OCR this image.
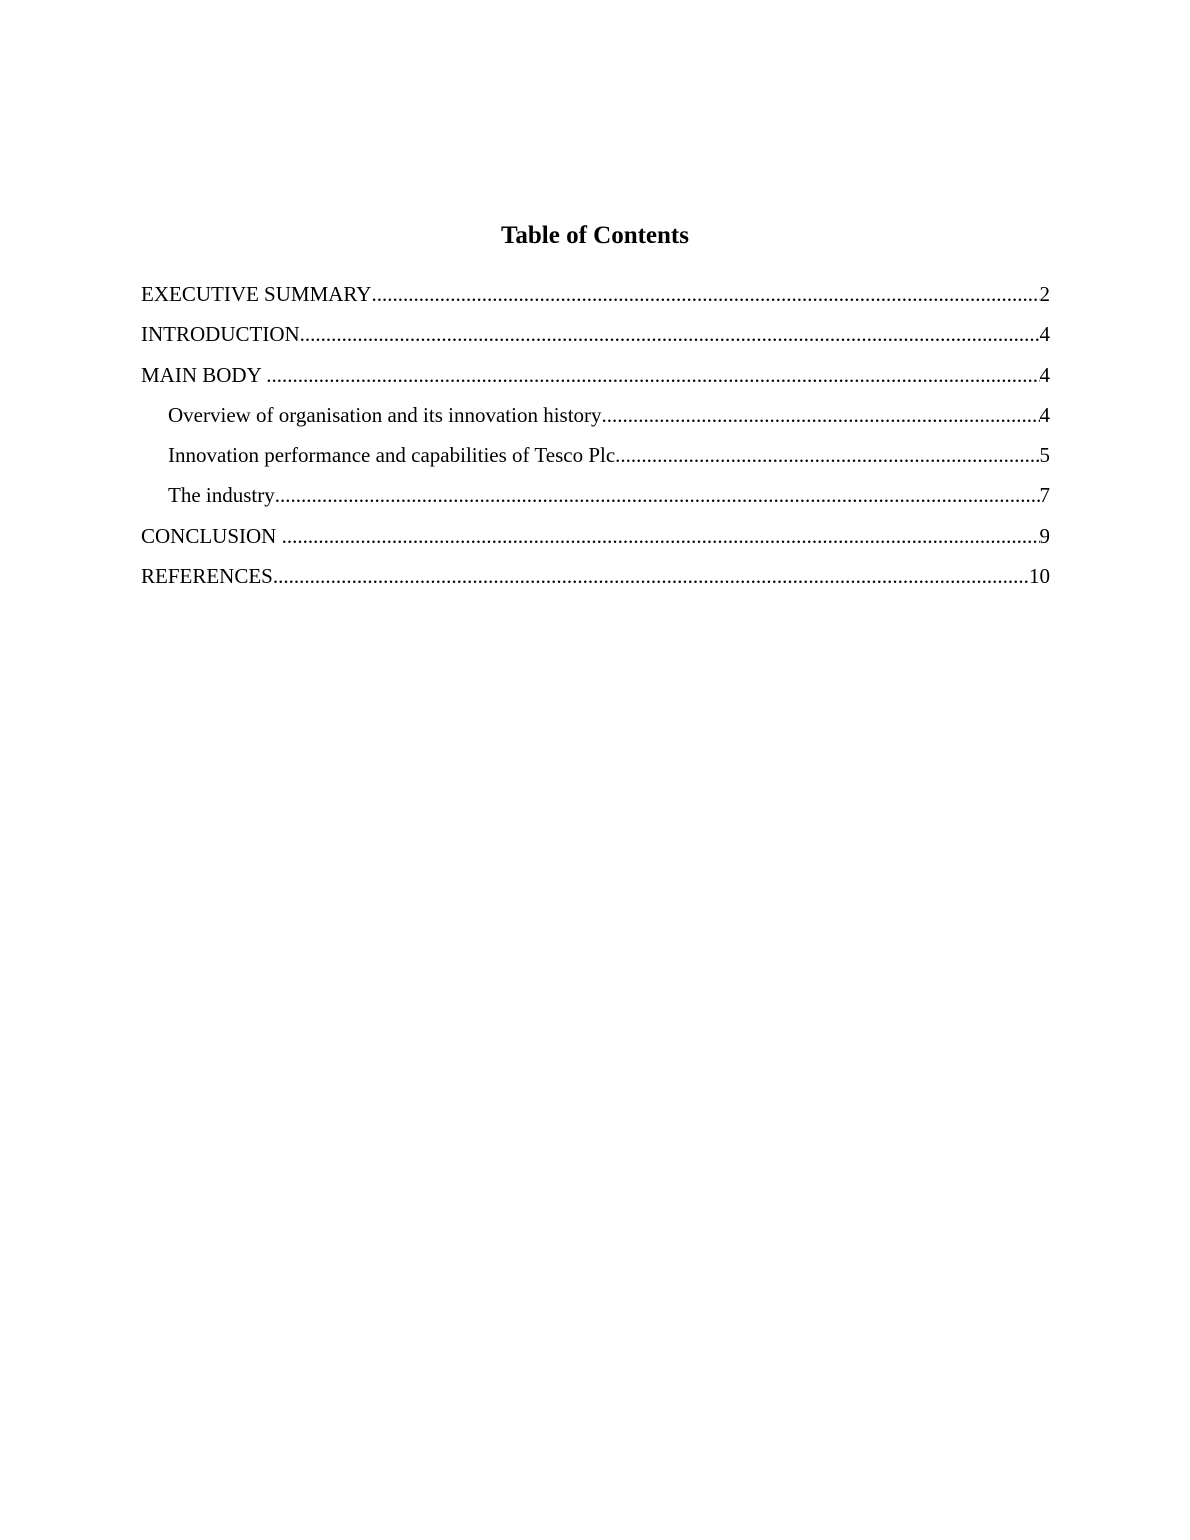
Table of Contents
EXECUTIVE SUMMARY .....	2
INTRODUCTION .....	4
MAIN BODY .....	4
Overview of organisation and its innovation history .....	4
Innovation performance and capabilities of Tesco Plc .....	5
The industry .....	7
CONCLUSION .....	9
REFERENCES .....	10
